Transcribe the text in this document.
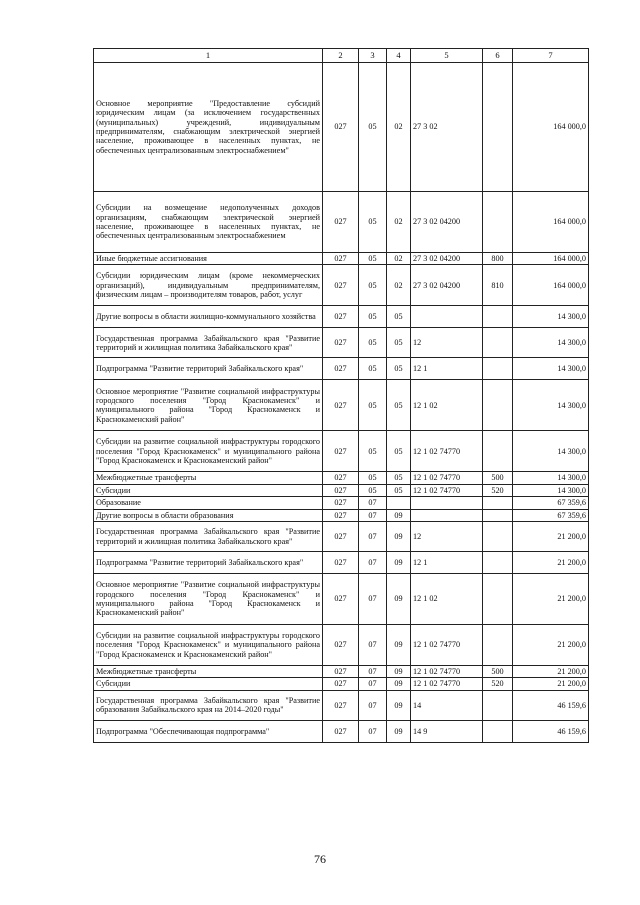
1	2	3	4	5	6	7
Основное мероприятие "Предоставление субсидий юридическим лицам (за исключением государственных (муниципальных) учреждений, индивидуальным предпринимателям, снабжающим электрической энергией население, проживающее в населенных пунктах, не обеспеченных централизованным электроснабжением"	027	05	02	27 3 02		164 000,0
Субсидии на возмещение недополученных доходов организациям, снабжающим электрической энергией население, проживающее в населенных пунктах, не обеспеченных централизованным электроснабжением	027	05	02	27 3 02 04200		164 000,0
Иные бюджетные ассигнования	027	05	02	27 3 02 04200	800	164 000,0
Субсидии юридическим лицам (кроме некоммерческих организаций), индивидуальным предпринимателям, физическим лицам – производителям товаров, работ, услуг	027	05	02	27 3 02 04200	810	164 000,0
Другие вопросы в области жилищно-коммунального хозяйства	027	05	05			14 300,0
Государственная программа Забайкальского края "Развитие территорий и жилищная политика Забайкальского края"	027	05	05	12		14 300,0
Подпрограмма "Развитие территорий Забайкальского края"	027	05	05	12 1		14 300,0
Основное мероприятие "Развитие социальной инфраструктуры городского поселения "Город Краснокаменск" и муниципального района "Город Краснокаменск и Краснокаменский район"	027	05	05	12 1 02		14 300,0
Субсидии на развитие социальной инфраструктуры городского поселения "Город Краснокаменск" и муниципального района "Город Краснокаменск и Краснокаменский район"	027	05	05	12 1 02 74770		14 300,0
Межбюджетные трансферты	027	05	05	12 1 02 74770	500	14 300,0
Субсидии	027	05	05	12 1 02 74770	520	14 300,0
Образование	027	07				67 359,6
Другие вопросы в области образования	027	07	09			67 359,6
Государственная программа Забайкальского края "Развитие территорий и жилищная политика Забайкальского края"	027	07	09	12		21 200,0
Подпрограмма "Развитие территорий Забайкальского края"	027	07	09	12 1		21 200,0
Основное мероприятие "Развитие социальной инфраструктуры городского поселения "Город Краснокаменск" и муниципального района "Город Краснокаменск и Краснокаменский район"	027	07	09	12 1 02		21 200,0
Субсидии на развитие социальной инфраструктуры городского поселения "Город Краснокаменск" и муниципального района "Город Краснокаменск и Краснокаменский район"	027	07	09	12 1 02 74770		21 200,0
Межбюджетные трансферты	027	07	09	12 1 02 74770	500	21 200,0
Субсидии	027	07	09	12 1 02 74770	520	21 200,0
Государственная программа Забайкальского края "Развитие образования Забайкальского края на 2014–2020 годы"	027	07	09	14		46 159,6
Подпрограмма "Обеспечивающая подпрограмма"	027	07	09	14 9		46 159,6
76
